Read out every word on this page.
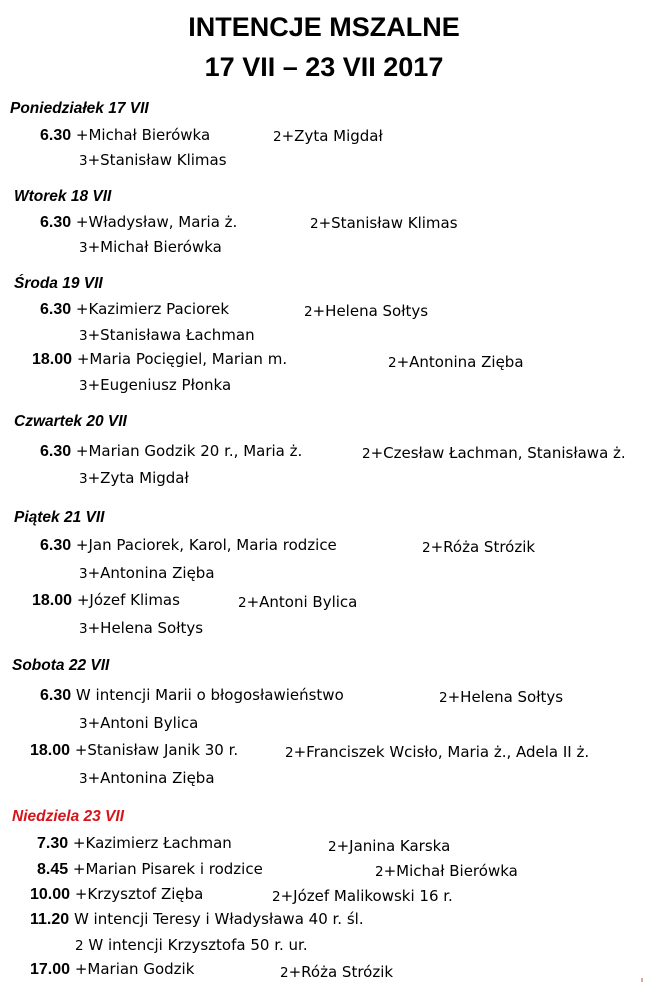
INTENCJE MSZALNE
17 VII – 23 VII 2017
Poniedziałek 17 VII
6.30 +Michał Bierówka	2+Zyta Migdał
3+Stanisław Klimas
Wtorek 18 VII
6.30 +Władysław, Maria ż.	2+Stanisław Klimas
3+Michał Bierówka
Środa 19 VII
6.30 +Kazimierz Paciorek	2+Helena Sołtys
3+Stanisława Łachman
18.00 +Maria Pocięgiel, Marian m.	2+Antonina Zięba
3+Eugeniusz Płonka
Czwartek 20 VII
6.30 +Marian Godzik 20 r., Maria ż.	2+Czesław Łachman, Stanisława ż.
3+Zyta Migdał
Piątek 21 VII
6.30 +Jan Paciorek, Karol, Maria rodzice	2+Róża Strózik
3+Antonina Zięba
18.00 +Józef Klimas	2+Antoni Bylica
3+Helena Sołtys
Sobota 22 VII
6.30 W intencji Marii o błogosławieństwo	2+Helena Sołtys
3+Antoni Bylica
18.00 +Stanisław Janik 30 r.	2+Franciszek Wcisło, Maria ż., Adela II ż.
3+Antonina Zięba
Niedziela 23 VII
7.30 +Kazimierz Łachman	2+Janina Karska
8.45 +Marian Pisarek i rodzice	2+Michał Bierówka
10.00 +Krzysztof Zięba	2+Józef Malikowski 16 r.
11.20 W intencji Teresy i Władysława 40 r. śl.
2 W intencji Krzysztofa 50 r. ur.
17.00 +Marian Godzik	2+Róża Strózik
